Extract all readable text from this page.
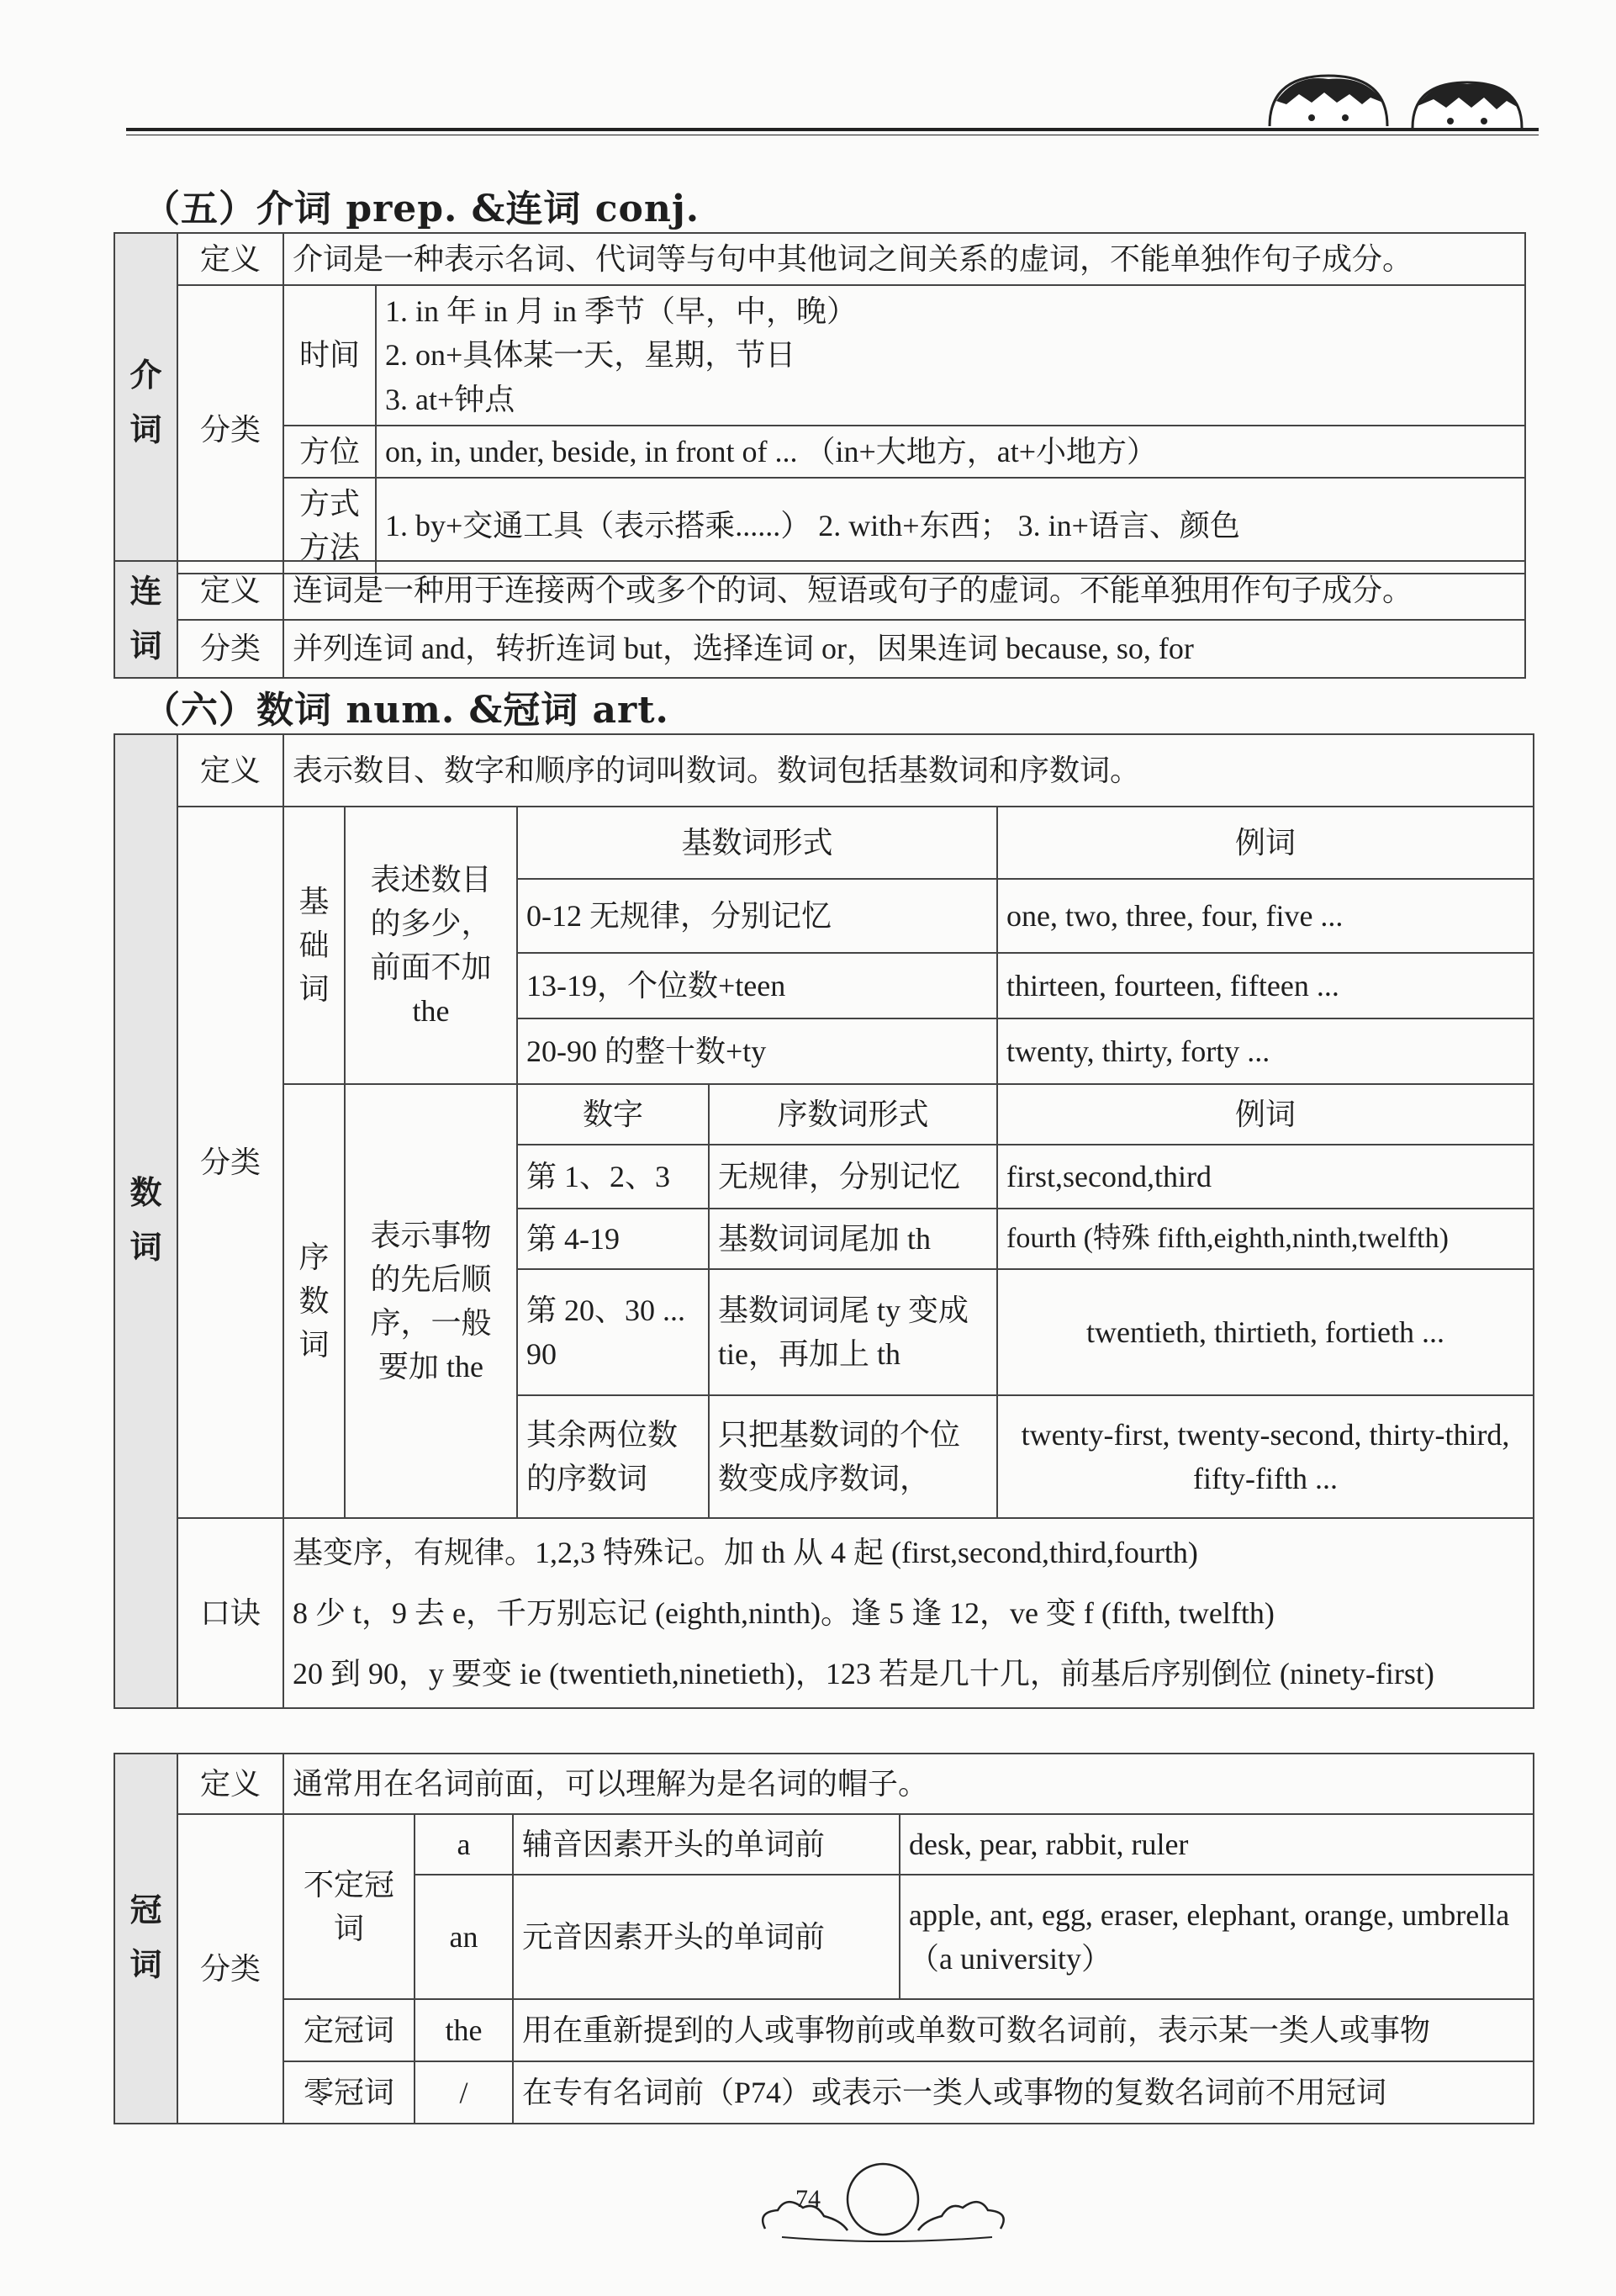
（五）介词 prep. &连词 conj.
介词	定义	介词是一种表示名词、代词等与句中其他词之间关系的虚词，不能单独作句子成分。	
	分类	时间	1. in 年 in 月 in 季节（早，中，晚）
2. on+具体某一天，星期，节日
3. at+钟点

		方位	on, in, under, beside, in front of ... （in+大地方，at+小地方）

		方式
方法	1. by+交通工具（表示搭乘......） 2. with+东西； 3. in+语言、颜色
连词	定义	连词是一种用于连接两个或多个的词、短语或句子的虚词。不能单独用作句子成分。
	分类	并列连词 and，转折连词 but，选择连词 or，因果连词 because, so, for
（六）数词 num. &冠词 art.
数词	定义	表示数目、数字和顺序的词叫数词。数词包括基数词和序数词。				
	分类	基础词	表述数目
的多少，
前面不加
the	基数词形式		例词
				0-12 无规律，分别记忆		one, two, three, four, five ...
				13-19，个位数+teen		thirteen, fourteen, fifteen ...
				20-90 的整十数+ty		twenty, thirty, forty ...
		序数词	表示事物
的先后顺
序，一般
要加 the	数字	序数词形式	例词
				第 1、2、3	无规律，分别记忆	first,second,third
				第 4-19	基数词词尾加 th	fourth (特殊 fifth,eighth,ninth,twelfth)
				第 20、30 ... 90	基数词词尾 ty 变成 tie，再加上 th	twentieth, thirtieth, fortieth ...
				其余两位数的序数词	只把基数词的个位数变成序数词，	twenty-first, twenty-second, thirty-third, fifty-fifth ...
	口诀	基变序，有规律。1,2,3 特殊记。加 th 从 4 起 (first,second,third,fourth)
8 少 t，9 去 e，千万别忘记 (eighth,ninth)。逢 5 逢 12，ve 变 f (fifth, twelfth)
20 到 90，y 要变 ie (twentieth,ninetieth)，123 若是几十几，前基后序别倒位 (ninety-first)				
冠词	定义	通常用在名词前面，可以理解为是名词的帽子。			
	分类	不定冠词	a	辅音因素开头的单词前	desk, pear, rabbit, ruler
			an	元音因素开头的单词前	apple, ant, egg, eraser, elephant, orange, umbrella （a university）
		定冠词	the	用在重新提到的人或事物前或单数可数名词前，表示某一类人或事物	
		零冠词	/	在专有名词前（P74）或表示一类人或事物的复数名词前不用冠词	
74
